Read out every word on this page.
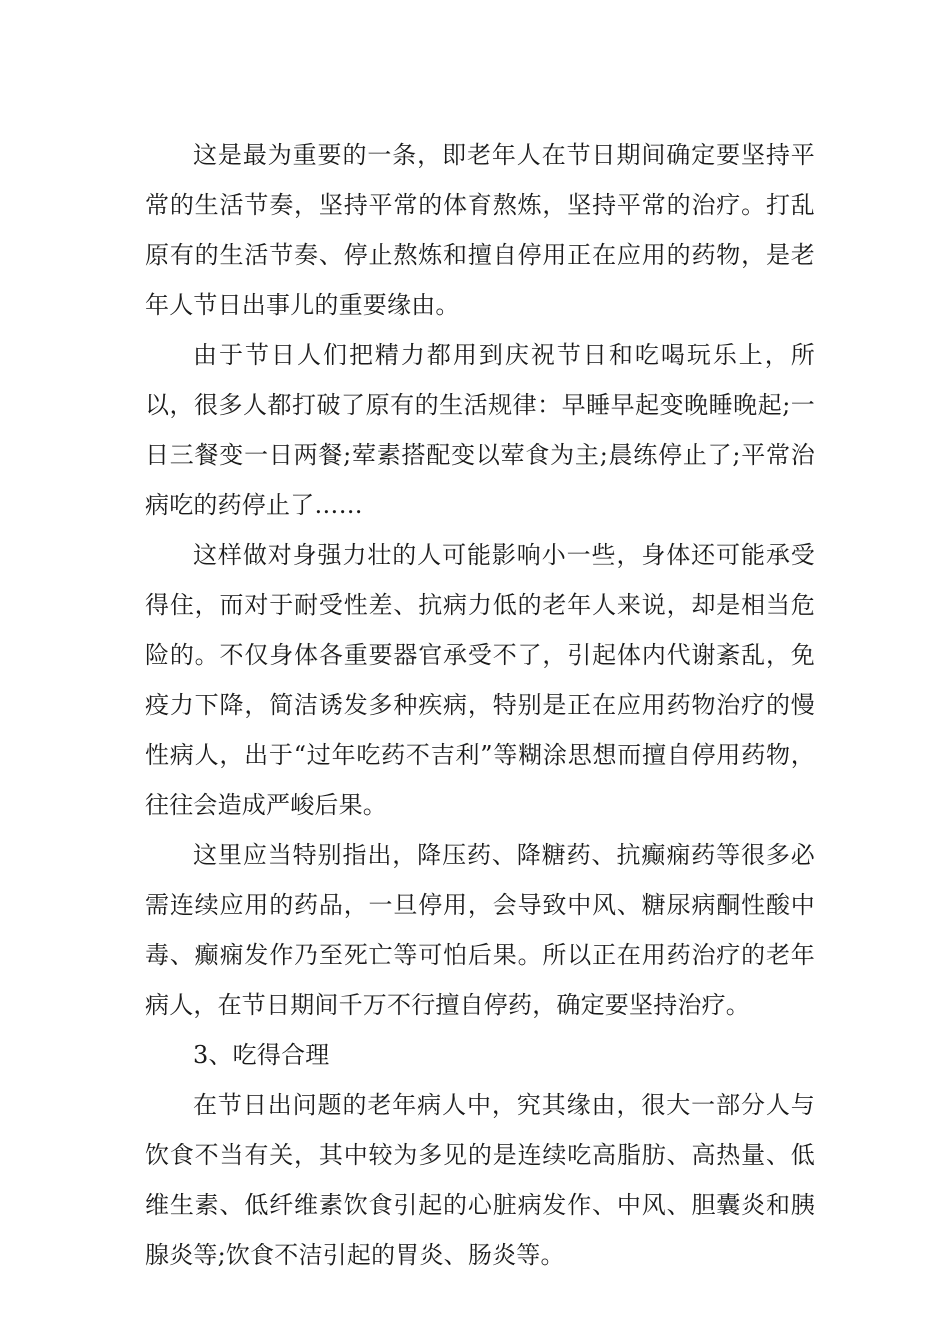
这是最为重要的一条，即老年人在节日期间确定要坚持平常的生活节奏，坚持平常的体育熬炼，坚持平常的治疗。打乱原有的生活节奏、停止熬炼和擅自停用正在应用的药物，是老年人节日出事儿的重要缘由。

由于节日人们把精力都用到庆祝节日和吃喝玩乐上，所以，很多人都打破了原有的生活规律：早睡早起变晚睡晚起;一日三餐变一日两餐;荤素搭配变以荤食为主;晨练停止了;平常治病吃的药停止了……

这样做对身强力壮的人可能影响小一些，身体还可能承受得住，而对于耐受性差、抗病力低的老年人来说，却是相当危险的。不仅身体各重要器官承受不了，引起体内代谢紊乱，免疫力下降，简洁诱发多种疾病，特别是正在应用药物治疗的慢性病人，出于“过年吃药不吉利”等糊涂思想而擅自停用药物，往往会造成严峻后果。

这里应当特别指出，降压药、降糖药、抗癫痫药等很多必需连续应用的药品，一旦停用，会导致中风、糖尿病酮性酸中毒、癫痫发作乃至死亡等可怕后果。所以正在用药治疗的老年病人，在节日期间千万不行擅自停药，确定要坚持治疗。

3、吃得合理

在节日出问题的老年病人中，究其缘由，很大一部分人与饮食不当有关，其中较为多见的是连续吃高脂肪、高热量、低维生素、低纤维素饮食引起的心脏病发作、中风、胆囊炎和胰腺炎等;饮食不洁引起的胃炎、肠炎等。
